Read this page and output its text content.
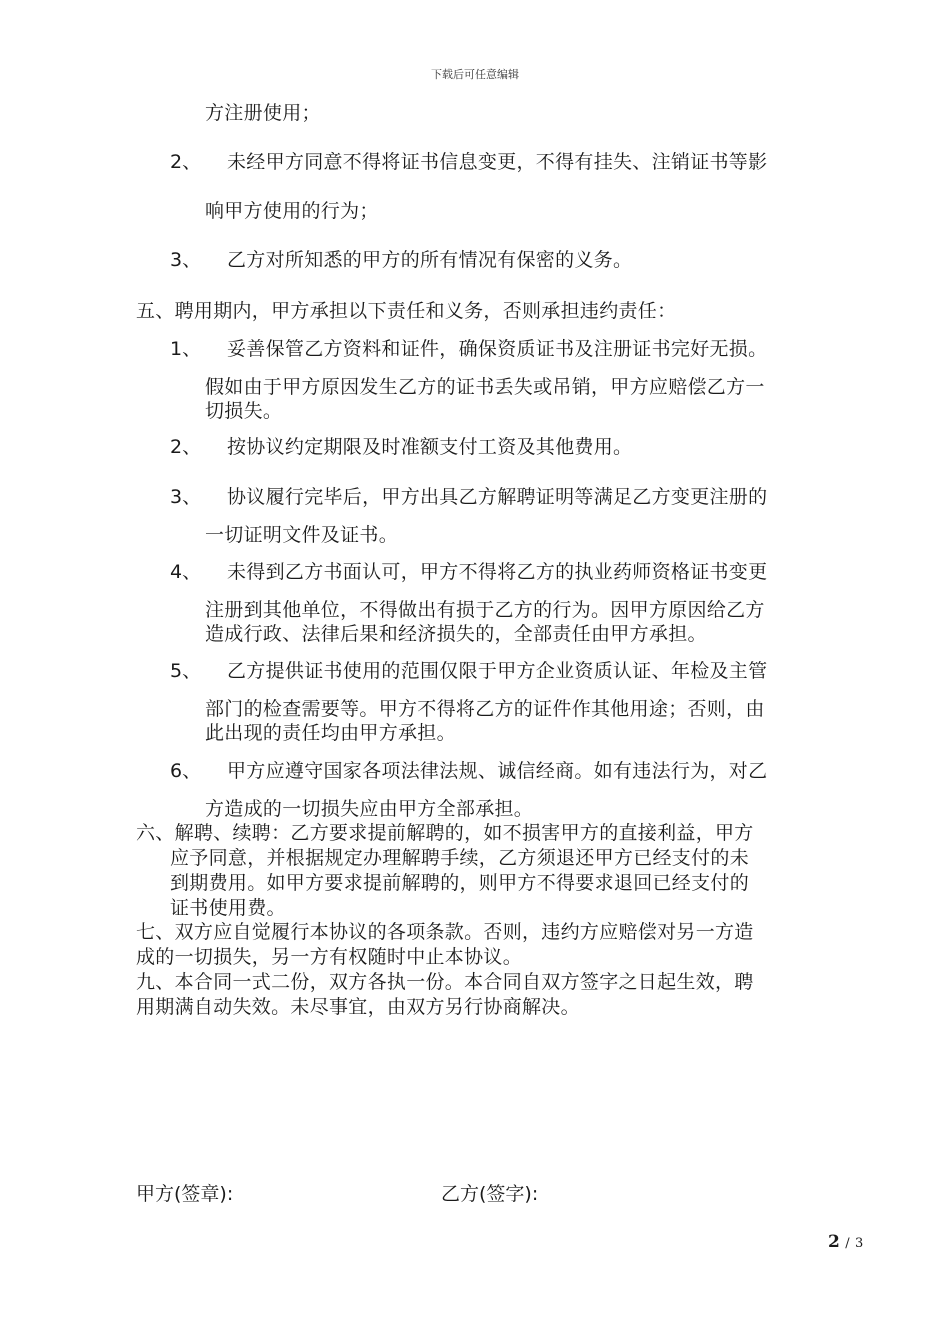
下载后可任意编辑
方注册使用；
2、 未经甲方同意不得将证书信息变更，不得有挂失、注销证书等影
响甲方使用的行为；
3、 乙方对所知悉的甲方的所有情况有保密的义务。
五、聘用期内，甲方承担以下责任和义务，否则承担违约责任：
1、 妥善保管乙方资料和证件，确保资质证书及注册证书完好无损。
假如由于甲方原因发生乙方的证书丢失或吊销，甲方应赔偿乙方一
切损失。
2、 按协议约定期限及时准额支付工资及其他费用。
3、 协议履行完毕后，甲方出具乙方解聘证明等满足乙方变更注册的
一切证明文件及证书。
4、 未得到乙方书面认可，甲方不得将乙方的执业药师资格证书变更
注册到其他单位，不得做出有损于乙方的行为。因甲方原因给乙方
造成行政、法律后果和经济损失的，全部责任由甲方承担。
5、 乙方提供证书使用的范围仅限于甲方企业资质认证、年检及主管
部门的检查需要等。甲方不得将乙方的证件作其他用途；否则，由
此出现的责任均由甲方承担。
6、 甲方应遵守国家各项法律法规、诚信经商。如有违法行为，对乙
方造成的一切损失应由甲方全部承担。
六、解聘、续聘：乙方要求提前解聘的，如不损害甲方的直接利益，甲方
应予同意，并根据规定办理解聘手续，乙方须退还甲方已经支付的未
到期费用。如甲方要求提前解聘的，则甲方不得要求退回已经支付的
证书使用费。
七、双方应自觉履行本协议的各项条款。否则，违约方应赔偿对另一方造
成的一切损失，另一方有权随时中止本协议。
九、本合同一式二份，双方各执一份。本合同自双方签字之日起生效，聘
用期满自动失效。未尽事宜，由双方另行协商解决。
甲方(签章):	乙方(签字):
2 / 3
